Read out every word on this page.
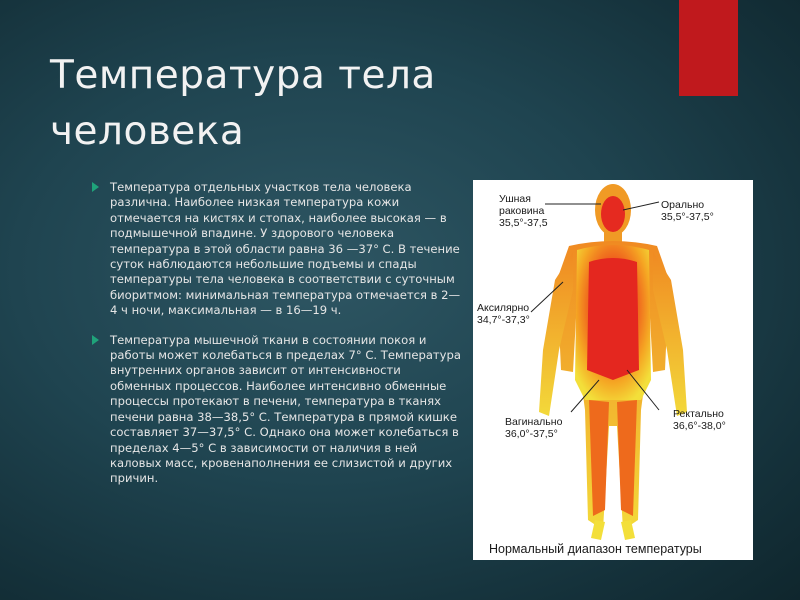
Температура тела человека
Температура отдельных участков тела человека различна. Наиболее низкая температура кожи отмечается на кистях и стопах, наиболее высокая — в подмышечной впадине. У здорового человека температура в этой области равна 36 —37° С. В течение суток наблюдаются небольшие подъемы и спады температуры тела человека в соответствии с суточным биоритмом: минимальная температура отмечается в 2—4 ч ночи, максимальная — в 16—19 ч.
Температура мышечной ткани в состоянии покоя и работы может колебаться в пределах 7° С. Температура внутренних органов зависит от интенсивности обменных процессов. Наиболее интенсивно обменные процессы протекают в печени, температура в тканях печени равна 38—38,5° С. Температура в прямой кишке составляет 37—37,5° С. Однако она может колебаться в пределах 4—5° С в зависимости от наличия в ней каловых масс, кровенаполнения ее слизистой и других причин.
Ушная
раковина
35,5°-37,5
Орально
35,5°-37,5°
Аксилярно
34,7°-37,3°
Вагинально
36,0°-37,5°
Ректально
36,6°-38,0°
Нормальный диапазон температуры
